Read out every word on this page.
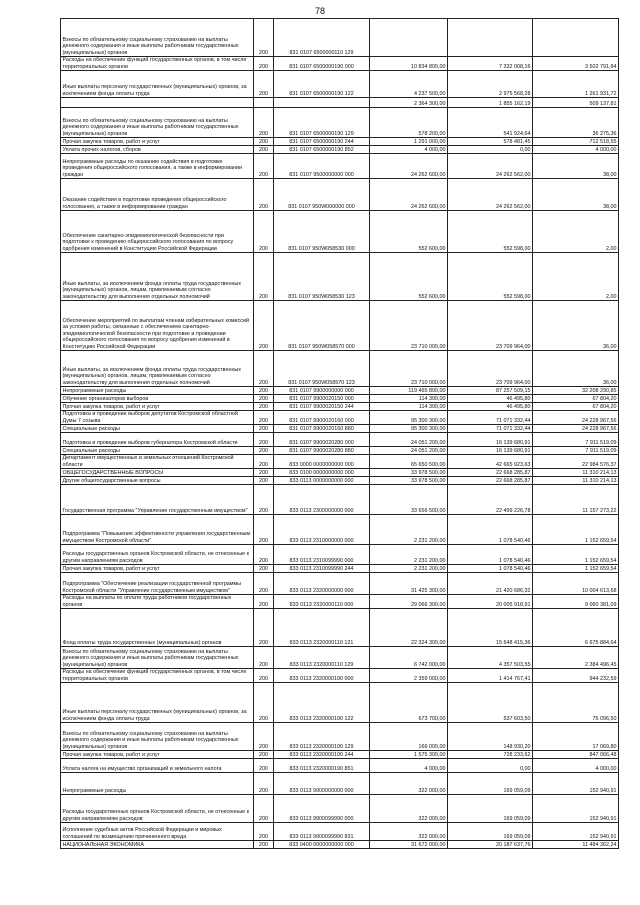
78
Взносы по обязательному социальному страхованию на выплаты денежного содержания и иные выплаты работникам государственных (муниципальных) органов	200	831 0107 6500000110 129			
Расходы на обеспечение функций государственных органов, в том числе территориальных органов	200	831 0107 6500000190 000	10 834 800,00	7 332 008,16	3 502 791,84
Иные выплаты персоналу государственных (муниципальных) органов, за исключением фонда оплаты труда	200	831 0107 6500000190 122	4 237 500,00	2 975 568,28	1 261 931,72
			2 364 300,00	1 855 162,19	509 137,81
Взносы по обязательному социальному страхованию на выплаты денежного содержания и иные выплаты работникам государственных (муниципальных) органов	200	831 0107 6500000190 129	578 200,00	541 924,64	36 275,36
Прочая закупка товаров, работ и услуг	200	831 0107 6500000190 244	1 291 000,00	578 481,45	712 518,55
Уплата прочих налогов, сборов	200	831 0107 6500000190 852	4 000,00	0,00	4 000,00
Непрограммные расходы по оказанию содействия в подготовке проведения общероссийского голосования, а также в информировании граждан	200	831 0107 9500000000 000	24 262 600,00	24 262 562,00	38,00
Оказание содействия в подготовке проведения общероссийского голосования, а также в информировании граждан	200	831 0107 950W000000 000	24 262 600,00	24 262 562,00	38,00
Обеспечение санитарно-эпидемиологической безопасности при подготовке к проведению общероссийского голосования по вопросу одобрения изменений в Конституцию Российской Федерации	200	831 0107 950W058530 000	552 600,00	552 598,00	2,00
Иные выплаты, за исключением фонда оплаты труда государственных (муниципальных) органов, лицам, привлекаемым согласно законодательству для выполнения отдельных полномочий	200	831 0107 950W058530 123	552 600,00	552 598,00	2,00
Обеспечение мероприятий по выплатам членам избирательных комиссий за условия работы, связанные с обеспечением санитарно-эпидемиологической безопасности при подготовке и проведении общероссийского голосования по вопросу одобрения изменений в Конституцию Российской Федерации	200	831 0107 950W058570 000	23 710 000,00	23 709 964,00	36,00
Иные выплаты, за исключением фонда оплаты труда государственных (муниципальных) органов, лицам, привлекаемым согласно законодательству для выполнения отдельных полномочий	200	831 0107 950W058570 123	23 710 000,00	23 709 964,00	36,00
Непрограммные расходы	200	831 0107 9900000000 000	119 465 800,00	87 257 509,15	32 208 290,85
Обучение организаторов выборов	200	831 0107 9900020150 000	114 300,00	46 495,80	67 804,20
Прочая закупка товаров, работ и услуг	200	831 0107 9900020150 244	114 300,00	46 495,80	67 804,20
Подготовка и проведение выборов депутатов Костромской областной Думы 7 созыва	200	831 0107 9900020160 000	95 300 300,00	71 071 332,44	24 228 967,56
Специальные расходы	200	831 0107 9900020160 880	95 300 300,00	71 071 332,44	24 228 967,56
Подготовка и проведение выборов губернатора Костромской области	200	831 0107 9900020280 000	24 051 200,00	16 139 680,91	7 911 519,09
Специальные расходы	200	831 0107 9900020280 880	24 051 200,00	16 139 680,91	7 911 519,09
Департамент имущественных и земельных отношений Костромской области	200	833 0000 0000000000 000	65 650 500,00	42 665 923,63	22 984 576,37
ОБЩЕГОСУДАРСТВЕННЫЕ ВОПРОСЫ	200	833 0100 0000000000 000	33 978 500,00	22 668 285,87	11 310 214,13
Другие общегосударственные вопросы	200	833 0113 0000000000 000	33 978 500,00	22 668 285,87	11 310 214,13
Государственная программа "Управление государственным имуществом"	200	833 0113 2300000000 000	33 656 500,00	22 499 226,78	11 157 273,22
Подпрограмма "Повышение эффективности управления государственным имуществом Костромской области"	200	833 0113 2310000000 000	2 231 200,00	1 078 540,46	1 152 659,54
Расходы государственных органов Костромской области, не отнесенные к другим направлениям расходов	200	833 0113 2310099990 000	2 231 200,00	1 078 540,46	1 152 659,54
Прочая закупка товаров, работ и услуг	200	833 0113 2310099990 244	2 231 200,00	1 078 540,46	1 152 659,54
Подпрограмма "Обеспечение реализации государственной программы Костромской области "Управление государственным имуществом"	200	833 0113 2320000000 000	31 425 300,00	21 420 686,32	10 004 613,68
Расходы на выплаты по оплате труда работников государственных органов	200	833 0113 2320000110 000	29 066 300,00	20 005 918,91	9 060 381,09
Фонд оплаты труда государственных (муниципальных) органов	200	833 0113 2320000110 121	22 324 300,00	15 648 415,36	6 675 884,64
Взносы по обязательному социальному страхованию на выплаты денежного содержания и иные выплаты работникам государственных (муниципальных) органов	200	833 0113 2320000110 129	6 742 000,00	4 357 503,55	2 384 496,45
Расходы на обеспечение функций государственных органов, в том числе территориальных органов	200	833 0113 2320000190 000	2 359 000,00	1 414 767,41	944 232,59
Иные выплаты персоналу государственных (муниципальных) органов, за исключением фонда оплаты труда	200	833 0113 2320000190 122	673 700,00	537 603,50	75 096,50
Взносы по обязательному социальному страхованию на выплаты денежного содержания и иные выплаты работникам государственных (муниципальных) органов	200	833 0113 2320000190 129	166 000,00	148 930,20	17 069,80
Прочая закупка товаров, работ и услуг	200	833 0113 2320000190 244	1 575 300,00	728 233,62	847 066,48
Уплата налога на имущество организаций и земельного налога	200	833 0113 2320000190 851	4 000,00	0,00	4 000,00
Непрограммные расходы	200	833 0113 9900000000 000	322 000,00	169 059,09	152 940,91
Расходы государственных органов Костромской области, не отнесенные к другим направлениям расходов	200	833 0113 9900099990 000	322 000,00	169 059,09	152 940,91
Исполнение судебных актов Российской Федерации и мировых соглашений по возмещению причиненного вреда	200	833 0113 9900099990 831	322 000,00	169 059,09	152 940,91
НАЦИОНАЛЬНАЯ ЭКОНОМИКА	200	833 0400 0000000000 000	31 672 000,00	20 187 637,76	11 484 362,24
